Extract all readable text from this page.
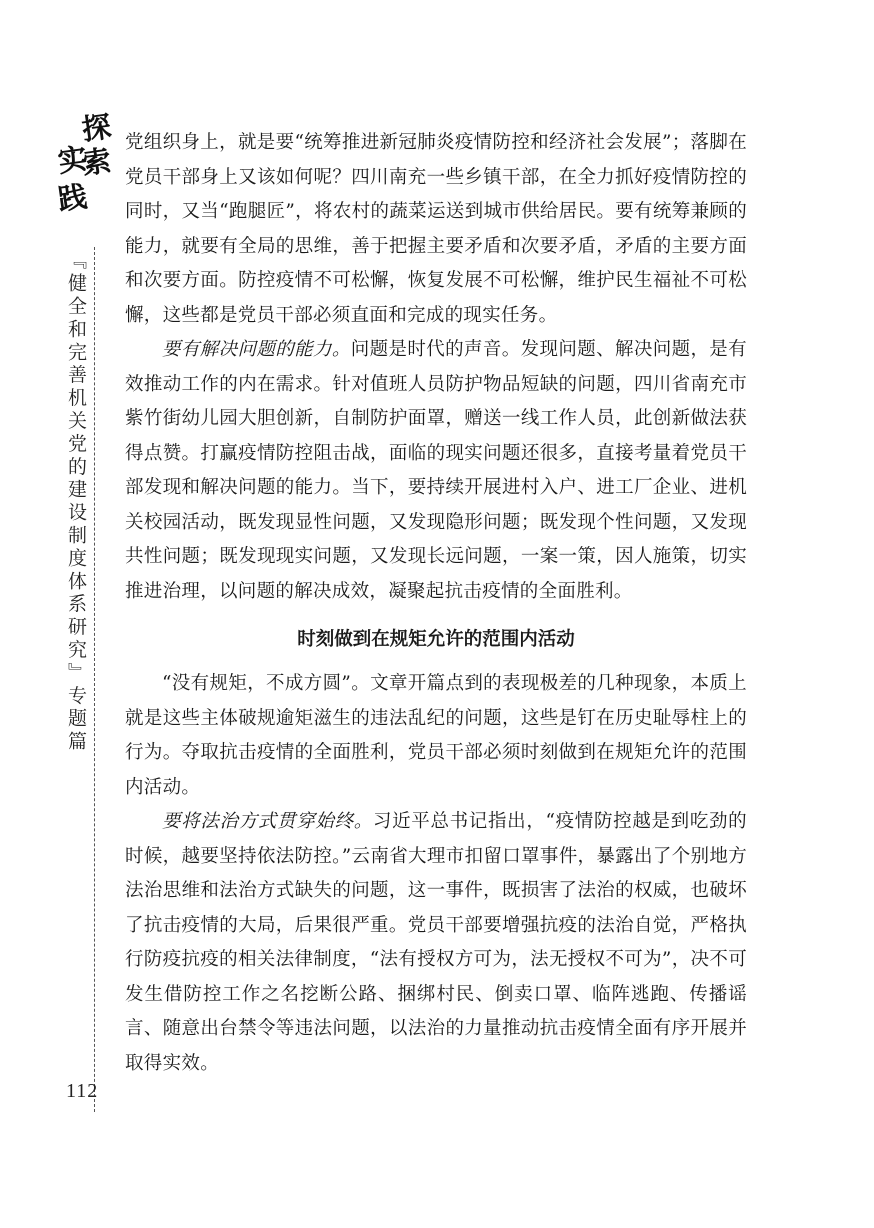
探
索
实
践
『健全和完善机关党的建设制度体系研究』专题篇
112

党组织身上，就是要“统筹推进新冠肺炎疫情防控和经济社会发展”；落脚在党员干部身上又该如何呢？四川南充一些乡镇干部，在全力抓好疫情防控的同时，又当“跑腿匠”，将农村的蔬菜运送到城市供给居民。要有统筹兼顾的能力，就要有全局的思维，善于把握主要矛盾和次要矛盾，矛盾的主要方面和次要方面。防控疫情不可松懈，恢复发展不可松懈，维护民生福祉不可松懈，这些都是党员干部必须直面和完成的现实任务。

要有解决问题的能力。问题是时代的声音。发现问题、解决问题，是有效推动工作的内在需求。针对值班人员防护物品短缺的问题，四川省南充市紫竹街幼儿园大胆创新，自制防护面罩，赠送一线工作人员，此创新做法获得点赞。打赢疫情防控阻击战，面临的现实问题还很多，直接考量着党员干部发现和解决问题的能力。当下，要持续开展进村入户、进工厂企业、进机关校园活动，既发现显性问题，又发现隐形问题；既发现个性问题，又发现共性问题；既发现现实问题，又发现长远问题，一案一策，因人施策，切实推进治理，以问题的解决成效，凝聚起抗击疫情的全面胜利。

时刻做到在规矩允许的范围内活动

“没有规矩，不成方圆”。文章开篇点到的表现极差的几种现象，本质上就是这些主体破规逾矩滋生的违法乱纪的问题，这些是钉在历史耻辱柱上的行为。夺取抗击疫情的全面胜利，党员干部必须时刻做到在规矩允许的范围内活动。

要将法治方式贯穿始终。习近平总书记指出，“疫情防控越是到吃劲的时候，越要坚持依法防控。”云南省大理市扣留口罩事件，暴露出了个别地方法治思维和法治方式缺失的问题，这一事件，既损害了法治的权威，也破坏了抗击疫情的大局，后果很严重。党员干部要增强抗疫的法治自觉，严格执行防疫抗疫的相关法律制度，“法有授权方可为，法无授权不可为”，决不可发生借防控工作之名挖断公路、捆绑村民、倒卖口罩、临阵逃跑、传播谣言、随意出台禁令等违法问题，以法治的力量推动抗击疫情全面有序开展并取得实效。
